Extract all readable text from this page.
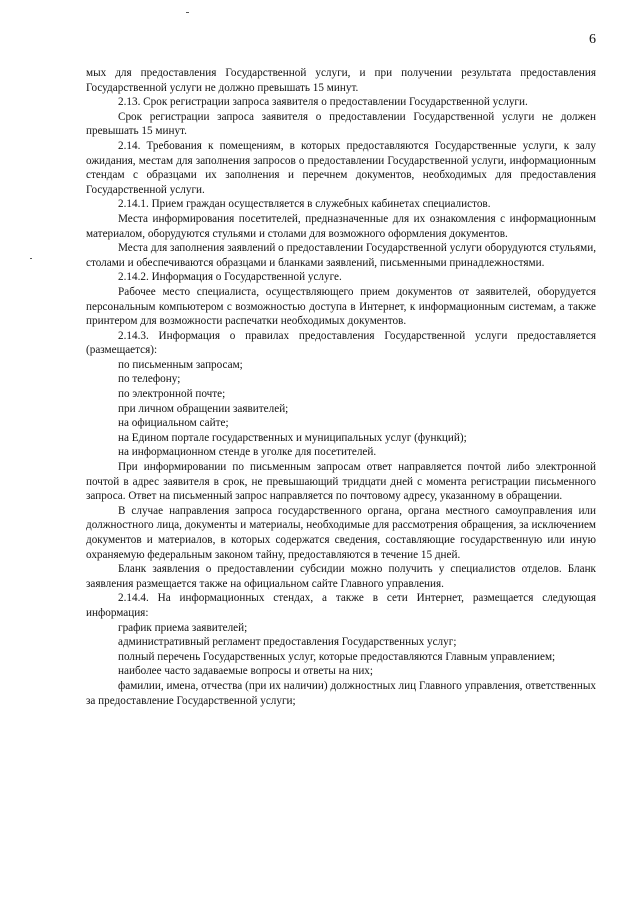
6

мых для предоставления Государственной услуги, и при получении результата предоставления Государственной услуги не должно превышать 15 минут.

2.13. Срок регистрации запроса заявителя о предоставлении Государственной услуги.

Срок регистрации запроса заявителя о предоставлении Государственной услуги не должен превышать 15 минут.

2.14. Требования к помещениям, в которых предоставляются Государственные услуги, к залу ожидания, местам для заполнения запросов о предоставлении Государственной услуги, информационным стендам с образцами их заполнения и перечнем документов, необходимых для предоставления Государственной услуги.

2.14.1. Прием граждан осуществляется в служебных кабинетах специалистов.

Места информирования посетителей, предназначенные для их ознакомления с информационным материалом, оборудуются стульями и столами для возможного оформления документов.

Места для заполнения заявлений о предоставлении Государственной услуги оборудуются стульями, столами и обеспечиваются образцами и бланками заявлений, письменными принадлежностями.

2.14.2. Информация о Государственной услуге.

Рабочее место специалиста, осуществляющего прием документов от заявителей, оборудуется персональным компьютером с возможностью доступа в Интернет, к информационным системам, а также принтером для возможности распечатки необходимых документов.

2.14.3. Информация о правилах предоставления Государственной услуги предоставляется (размещается):

по письменным запросам;

по телефону;

по электронной почте;

при личном обращении заявителей;

на официальном сайте;

на Едином портале государственных и муниципальных услуг (функций);

на информационном стенде в уголке для посетителей.

При информировании по письменным запросам ответ направляется почтой либо электронной почтой в адрес заявителя в срок, не превышающий тридцати дней с момента регистрации письменного запроса. Ответ на письменный запрос направляется по почтовому адресу, указанному в обращении.

В случае направления запроса государственного органа, органа местного самоуправления или должностного лица, документы и материалы, необходимые для рассмотрения обращения, за исключением документов и материалов, в которых содержатся сведения, составляющие государственную или иную охраняемую федеральным законом тайну, предоставляются в течение 15 дней.

Бланк заявления о предоставлении субсидии можно получить у специалистов отделов. Бланк заявления размещается также на официальном сайте Главного управления.

2.14.4. На информационных стендах, а также в сети Интернет, размещается следующая информация:

график приема заявителей;

административный регламент предоставления Государственных услуг;

полный перечень Государственных услуг, которые предоставляются Главным управлением;

наиболее часто задаваемые вопросы и ответы на них;

фамилии, имена, отчества (при их наличии) должностных лиц Главного управления, ответственных за предоставление Государственной услуги;
